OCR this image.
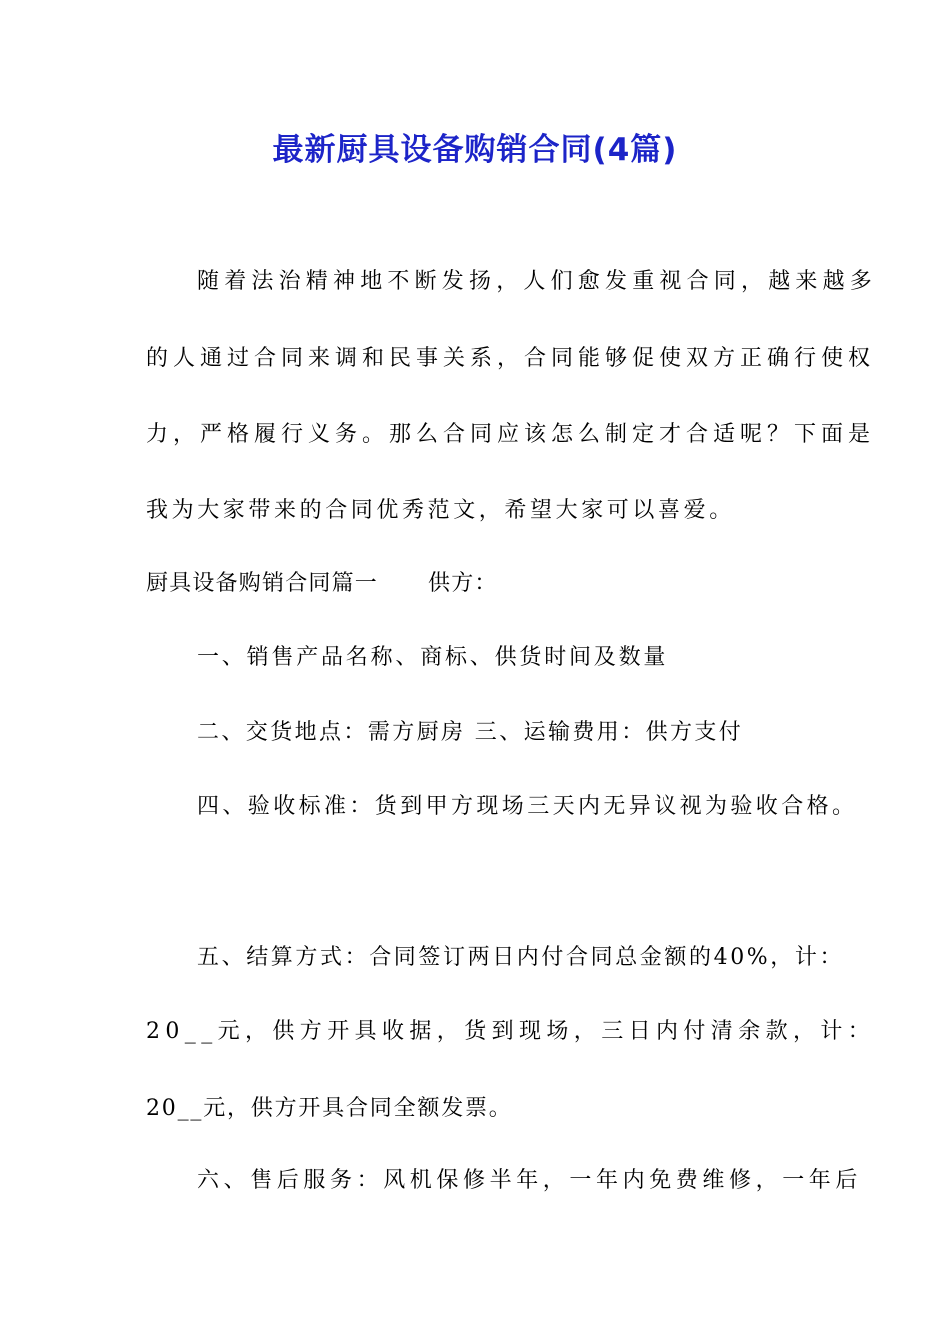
最新厨具设备购销合同(4篇)
随着法治精神地不断发扬，人们愈发重视合同，越来越多
的人通过合同来调和民事关系，合同能够促使双方正确行使权
力，严格履行义务。那么合同应该怎么制定才合适呢？下面是
我为大家带来的合同优秀范文，希望大家可以喜爱。
厨具设备购销合同篇一 供方：
一、销售产品名称、商标、供货时间及数量
二、交货地点：需方厨房 三、运输费用：供方支付
四、验收标准：货到甲方现场三天内无异议视为验收合格。
五、结算方式：合同签订两日内付合同总金额的40%，计：
20__元，供方开具收据，货到现场，三日内付清余款，计：
20__元，供方开具合同全额发票。
六、售后服务：风机保修半年，一年内免费维修，一年后
